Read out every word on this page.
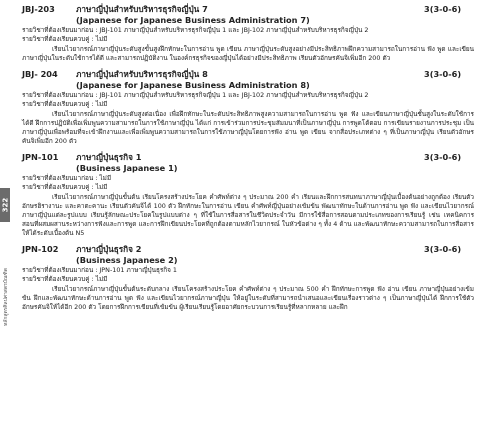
322
หลักสูตรศิลปศาสตรบัณฑิต
JBJ-203	ภาษาญี่ปุ่นสำหรับบริหารธุรกิจญี่ปุ่น 7	3(3-0-6)
(Japanese for Japanese Business Administration 7)
รายวิชาที่ต้องเรียนมาก่อน : JBJ-101 ภาษาญี่ปุ่นสำหรับบริหารธุรกิจญี่ปุ่น 1 และ JBJ-102 ภาษาญี่ปุ่นสำหรับบริหารธุรกิจญี่ปุ่น 2
รายวิชาที่ต้องเรียนควบคู่ : ไม่มี
เรียนไวยากรณ์ภาษาญี่ปุ่นระดับสูงขั้นสูงฝึกทักษะในการอ่าน พูด เขียน ภาษาญี่ปุ่นระดับสูงอย่างมีประสิทธิภาพฝึกความสามารถในการอ่าน ฟัง พูด และเขียนภาษาญี่ปุ่นในระดับใช้การได้ดี และสามารถปฏิบัติงาน ในองค์กรธุรกิจของญี่ปุ่นได้อย่างมีประสิทธิภาพ เรียนตัวอักษรคันจิเพิ่มอีก 200 ตัว
JBJ- 204	ภาษาญี่ปุ่นสำหรับบริหารธุรกิจญี่ปุ่น 8	3(3-0-6)
(Japanese for Japanese Business Administration 8)
รายวิชาที่ต้องเรียนมาก่อน : JBJ-101 ภาษาญี่ปุ่นสำหรับบริหารธุรกิจญี่ปุ่น 1 และ JBJ-102 ภาษาญี่ปุ่นสำหรับบริหารธุรกิจญี่ปุ่น 2
รายวิชาที่ต้องเรียนควบคู่ : ไม่มี
เรียนไวยากรณ์ภาษาญี่ปุ่นระดับสูงต่อเนื่อง เพื่อฝึกทักษะในระดับประสิทธิภาพสูงความสามารถในการอ่าน พูด ฟัง และเขียนภาษาญี่ปุ่นชั้นสูงในระดับใช้การได้ดี ฝึกการปฏิบัติเพื่อเพิ่มพูนความสามารถในการใช้ภาษาญี่ปุ่น ได้แก่ การเข้าร่วมการประชุมสัมมนาที่เป็นภาษาญี่ปุ่น การพูดโต้ตอบ การเขียนรายงานการประชุม เป็นภาษาญี่ปุ่นเพื่อพร้อมที่จะเข้าฝึกงานและเพื่อเพิ่มพูนความสามารถในการใช้ภาษาญี่ปุ่นโดยการฟัง อ่าน พูด เขียน จากสื่อประเภทต่าง ๆ ที่เป็นภาษาญี่ปุ่น เรียนตัวอักษรคันจิเพิ่มอีก 200 ตัว
JPN-101	ภาษาญี่ปุ่นธุรกิจ 1	3(3-0-6)
(Business Japanese 1)
รายวิชาที่ต้องเรียนมาก่อน : ไม่มี
รายวิชาที่ต้องเรียนควบคู่ : ไม่มี
เรียนไวยากรณ์ภาษาญี่ปุ่นขั้นต้น เรียนโครงสร้างประโยค คำศัพท์ต่าง ๆ ประมาณ 200 คำ เรียนและฝึกการสนทนาภาษาญี่ปุ่นเบื้องต้นอย่างถูกต้อง เรียนตัวอักษรฮิรางานะ และคาตะคานะ เรียนตัวคันจิได้ 100 ตัว ฝึกทักษะในการอ่าน เขียน คำศัพท์ญี่ปุ่นอย่างเข้มข้น พัฒนาทักษะในด้านการอ่าน พูด ฟัง และเขียนไวยากรณ์ภาษาญี่ปุ่นแต่ละรูปแบบ เรียนรู้ลักษณะประโยคในรูปแบบต่าง ๆ ที่ใช้ในการสื่อสารในชีวิตประจำวัน มีการใช้สื่อการสอนตามประเภทของการเรียนรู้ เช่น เทคนิคการสอนที่ผสมผสานระหว่างการฟังและการพูด และการฝึกเขียนประโยคที่ถูกต้องตามหลักไวยากรณ์ ในหัวข้อต่าง ๆ ทั้ง 4 ด้าน และพัฒนาทักษะความสามารถในการสื่อสารให้ได้ระดับเบื้องต้น N5
JPN-102	ภาษาญี่ปุ่นธุรกิจ 2	3(3-0-6)
(Business Japanese 2)
รายวิชาที่ต้องเรียนมาก่อน : JPN-101 ภาษาญี่ปุ่นธุรกิจ 1
รายวิชาที่ต้องเรียนควบคู่ : ไม่มี
เรียนไวยากรณ์ภาษาญี่ปุ่นขั้นต้นระดับกลาง เรียนโครงสร้างประโยค คำศัพท์ต่าง ๆ ประมาณ 500 คำ ฝึกทักษะการพูด ฟัง อ่าน เขียน ภาษาญี่ปุ่นอย่างเข้มข้น ฝึกและพัฒนาทักษะด้านการอ่าน พูด ฟัง และเขียนไวยากรณ์ภาษาญี่ปุ่น ให้อยู่ในระดับที่สามารถนำเสนอและเขียนเรื่องราวต่าง ๆ เป็นภาษาญี่ปุ่นได้ ฝึกการใช้ตัวอักษรคันจิให้ได้อีก 200 ตัว โดยการฝึกการเขียนที่เข้มข้น ผู้เรียนเรียนรู้โดยอาศัยกระบวนการเรียนรู้ที่หลากหลาย และฝึก
